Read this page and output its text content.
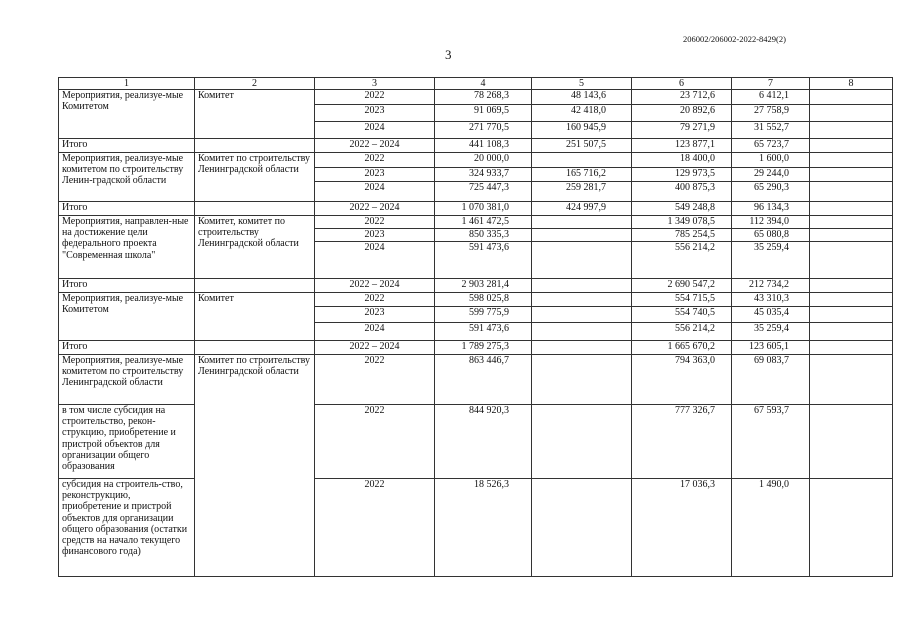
206002/206002-2022-8429(2)
3
1	2	3	4	5	6	7	8
Мероприятия, реализуе-мые Комитетом	Комитет	2022	78 268,3	48 143,6	23 712,6	6 412,1	
		2023	91 069,5	42 418,0	20 892,6	27 758,9	
		2024	271 770,5	160 945,9	79 271,9	31 552,7	
Итого		2022 – 2024	441 108,3	251 507,5	123 877,1	65 723,7	
Мероприятия, реализуе-мые комитетом по строительству Ленин-градской области	Комитет по строительству Ленинградской области	2022	20 000,0		18 400,0	1 600,0	
		2023	324 933,7	165 716,2	129 973,5	29 244,0	
		2024	725 447,3	259 281,7	400 875,3	65 290,3	
Итого		2022 – 2024	1 070 381,0	424 997,9	549 248,8	96 134,3	
Мероприятия, направлен-ные на достижение цели федерального проекта "Современная школа"	Комитет, комитет по строительству Ленинградской области	2022	1 461 472,5		1 349 078,5	112 394,0	
		2023	850 335,3		785 254,5	65 080,8	
		2024	591 473,6		556 214,2	35 259,4	
Итого		2022 – 2024	2 903 281,4		2 690 547,2	212 734,2	
Мероприятия, реализуе-мые Комитетом	Комитет	2022	598 025,8		554 715,5	43 310,3	
		2023	599 775,9		554 740,5	45 035,4	
		2024	591 473,6		556 214,2	35 259,4	
Итого		2022 – 2024	1 789 275,3		1 665 670,2	123 605,1	
Мероприятия, реализуе-мые комитетом по строительству Ленинградской области	Комитет по строительству Ленинградской области	2022	863 446,7		794 363,0	69 083,7	
в том числе субсидия на строительство, рекон-струкцию, приобретение и пристрой объектов для организации общего образования		2022	844 920,3		777 326,7	67 593,7	
субсидия на строитель-ство, реконструкцию, приобретение и пристрой объектов для организации общего образования (остатки средств на начало текущего финансового года)		2022	18 526,3		17 036,3	1 490,0	
